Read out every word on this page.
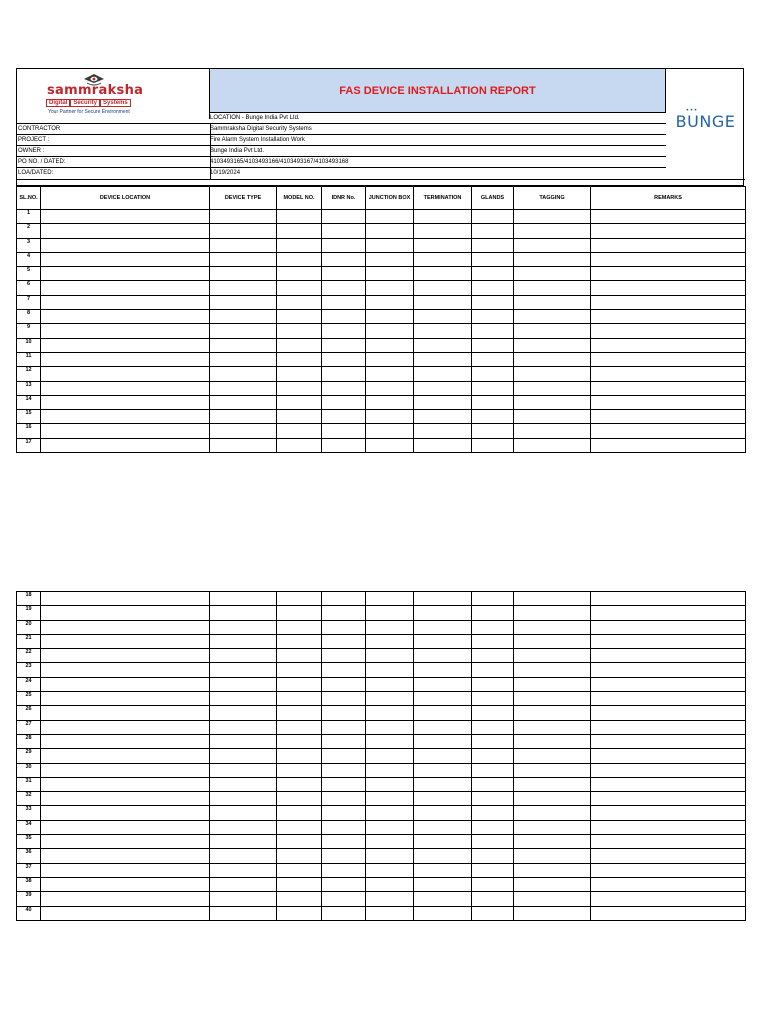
sammraksha
Digital Security Systems
Your Partner for Secure Environment
FAS DEVICE INSTALLATION REPORT
•••
BUNGE
LOCATION - Bunge India Pvt Ltd.
CONTRACTOR	Sammraksha Digital Security Systems
PROJECT :	Fire Alarm System Installation Work
OWNER :	Bunge India Pvt Ltd.
PO NO. / DATED:	4103493165/4103493166/4103493167/4103493168
LOA/DATED:	10/19/2024
SL.NO.	DEVICE LOCATION	DEVICE TYPE	MODEL NO.	IDNR No.	JUNCTION BOX	TERMINATION	GLANDS	TAGGING	REMARKS
1									
2									
3									
4									
5									
6									
7									
8									
9									
10									
11									
12									
13									
14									
15									
16									
17									
18									
19									
20									
21									
22									
23									
24									
25									
26									
27									
28									
29									
30									
31									
32									
33									
34									
35									
36									
37									
38									
39									
40									
